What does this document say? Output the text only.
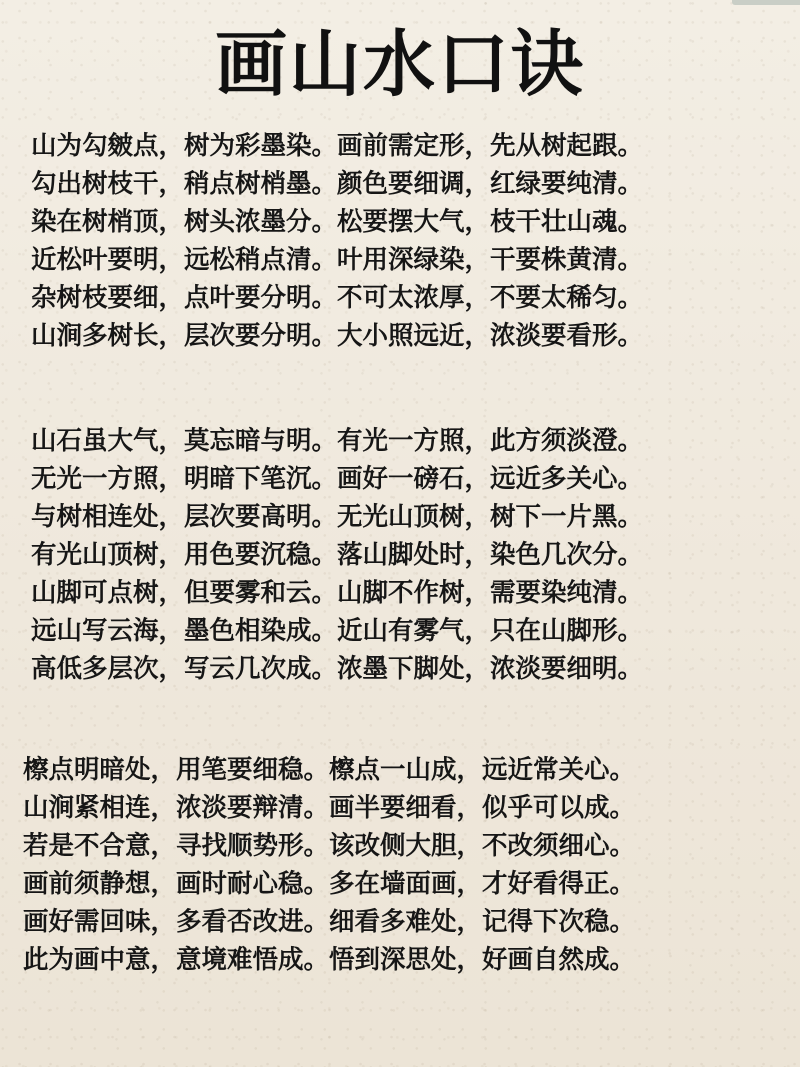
画山水口诀
山为勾皴点，树为彩墨染。画前需定形，先从树起跟。
勾出树枝干，稍点树梢墨。颜色要细调，红绿要纯清。
染在树梢顶，树头浓墨分。松要摆大气，枝干壮山魂。
近松叶要明，远松稍点清。叶用深绿染，干要株黄清。
杂树枝要细，点叶要分明。不可太浓厚，不要太稀匀。
山涧多树长，层次要分明。大小照远近，浓淡要看形。
山石虽大气，莫忘暗与明。有光一方照，此方须淡澄。
无光一方照，明暗下笔沉。画好一磅石，远近多关心。
与树相连处，层次要高明。无光山顶树，树下一片黑。
有光山顶树，用色要沉稳。落山脚处时，染色几次分。
山脚可点树，但要雾和云。山脚不作树，需要染纯清。
远山写云海，墨色相染成。近山有雾气，只在山脚形。
高低多层次，写云几次成。浓墨下脚处，浓淡要细明。
檫点明暗处，用笔要细稳。檫点一山成，远近常关心。
山涧紧相连，浓淡要辩清。画半要细看，似乎可以成。
若是不合意，寻找顺势形。该改侧大胆，不改须细心。
画前须静想，画时耐心稳。多在墙面画，才好看得正。
画好需回味，多看否改进。细看多难处，记得下次稳。
此为画中意，意境难悟成。悟到深思处，好画自然成。
